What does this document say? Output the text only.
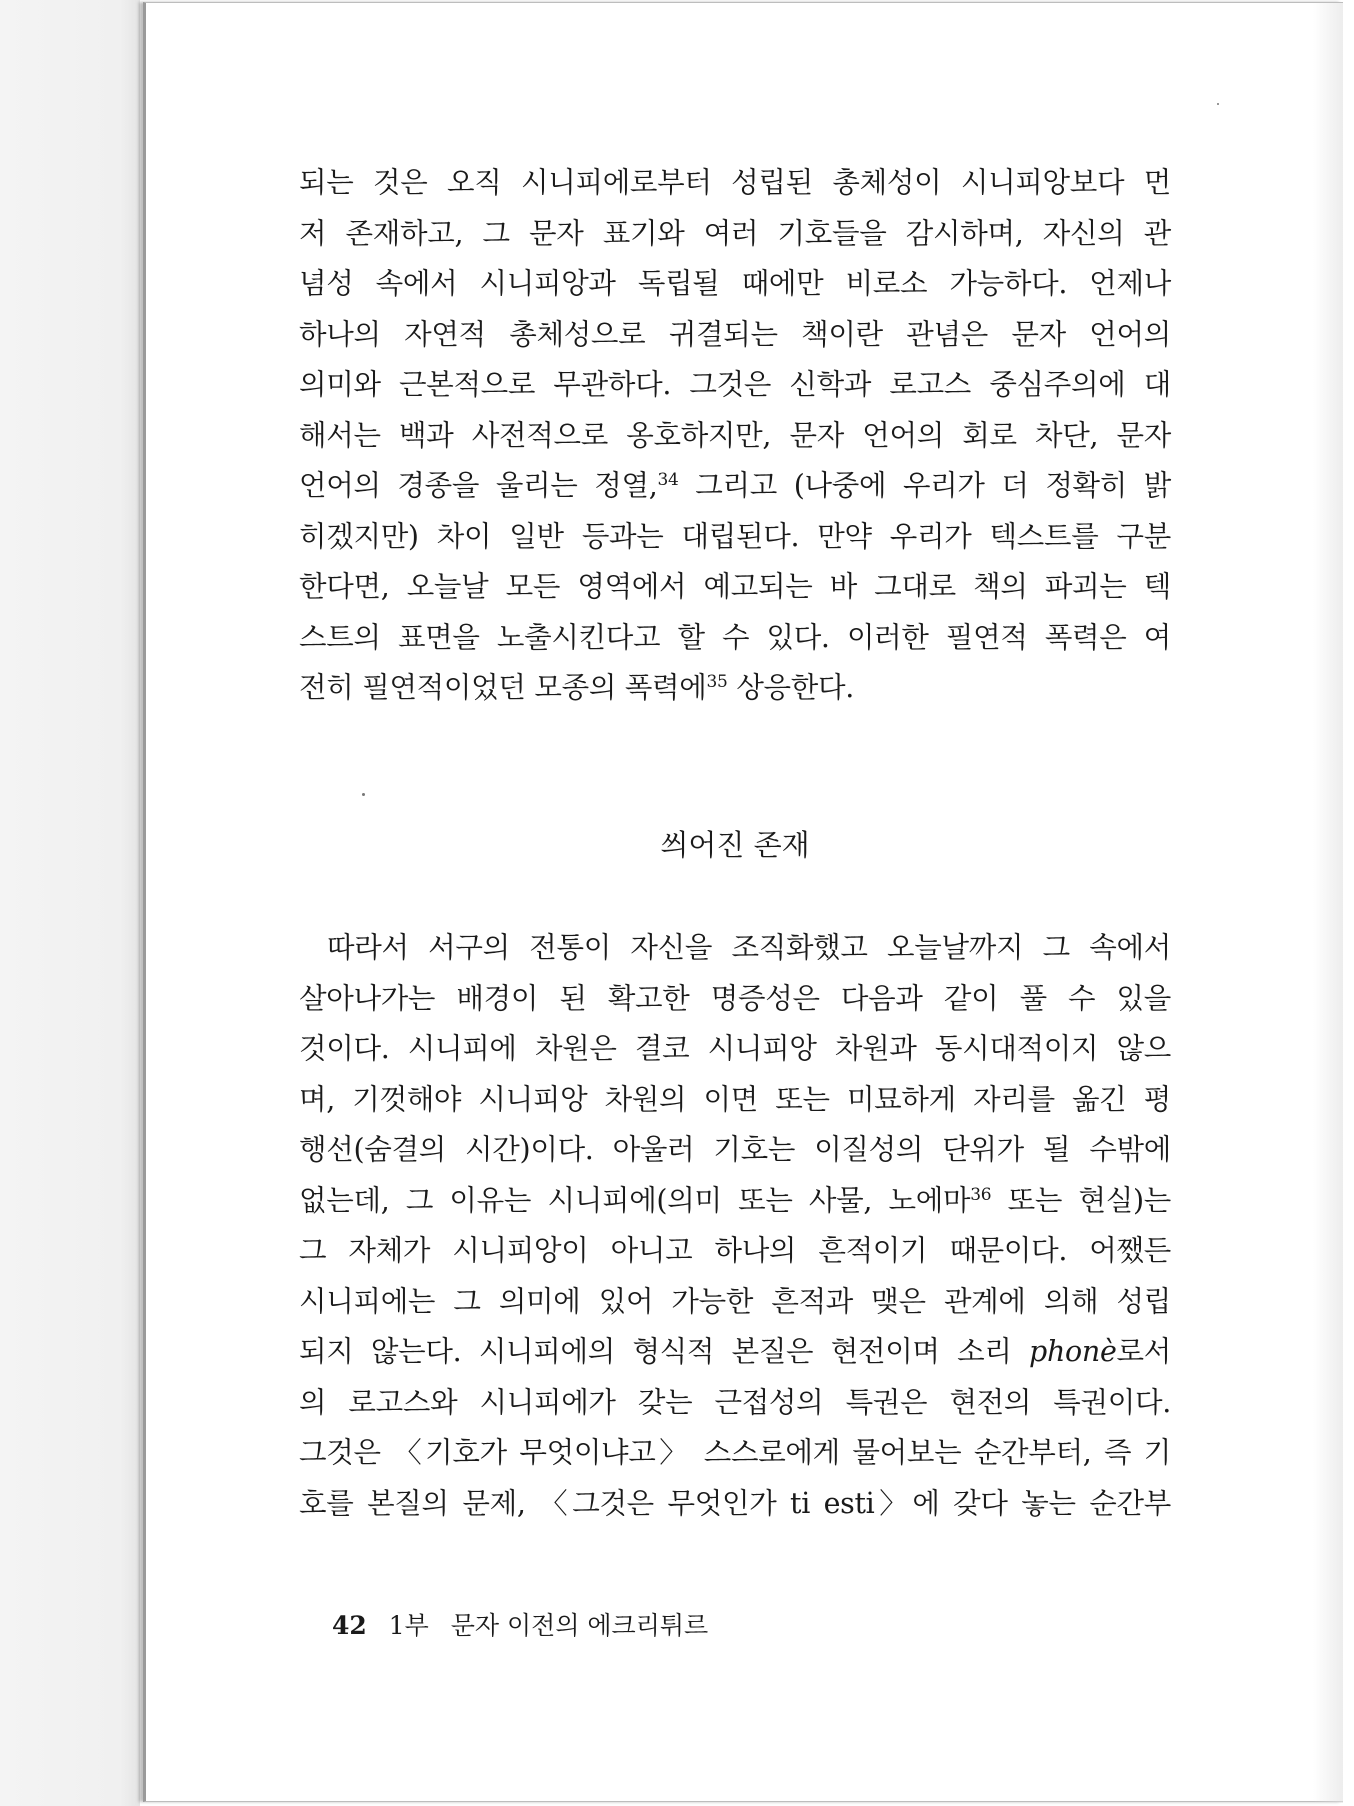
되는 것은 오직 시니피에로부터 성립된 총체성이 시니피앙보다 먼
저 존재하고, 그 문자 표기와 여러 기호들을 감시하며, 자신의 관
념성 속에서 시니피앙과 독립될 때에만 비로소 가능하다. 언제나
하나의 자연적 총체성으로 귀결되는 책이란 관념은 문자 언어의
의미와 근본적으로 무관하다. 그것은 신학과 로고스 중심주의에 대
해서는 백과 사전적으로 옹호하지만, 문자 언어의 회로 차단, 문자
언어의 경종을 울리는 정열,$^{34}$ 그리고 (나중에 우리가 더 정확히 밝
히겠지만) 차이 일반 등과는 대립된다. 만약 우리가 텍스트를 구분
한다면, 오늘날 모든 영역에서 예고되는 바 그대로 책의 파괴는 텍
스트의 표면을 노출시킨다고 할 수 있다. 이러한 필연적 폭력은 여
전히 필연적이었던 모종의 폭력에$^{35}$ 상응한다.
씌어진 존재
따라서 서구의 전통이 자신을 조직화했고 오늘날까지 그 속에서
살아나가는 배경이 된 확고한 명증성은 다음과 같이 풀 수 있을
것이다. 시니피에 차원은 결코 시니피앙 차원과 동시대적이지 않으
며, 기껏해야 시니피앙 차원의 이면 또는 미묘하게 자리를 옮긴 평
행선(숨결의 시간)이다. 아울러 기호는 이질성의 단위가 될 수밖에
없는데, 그 이유는 시니피에(의미 또는 사물, 노에마$^{36}$ 또는 현실)는
그 자체가 시니피앙이 아니고 하나의 흔적이기 때문이다. 어쨌든
시니피에는 그 의미에 있어 가능한 흔적과 맺은 관계에 의해 성립
되지 않는다. 시니피에의 형식적 본질은 현전이며 소리 phonè로서
의 로고스와 시니피에가 갖는 근접성의 특권은 현전의 특권이다.
그것은 〈기호가 무엇이냐고〉 스스로에게 물어보는 순간부터, 즉 기
호를 본질의 문제, 〈그것은 무엇인가 ti esti〉에 갖다 놓는 순간부
42 1부 문자 이전의 에크리튀르
